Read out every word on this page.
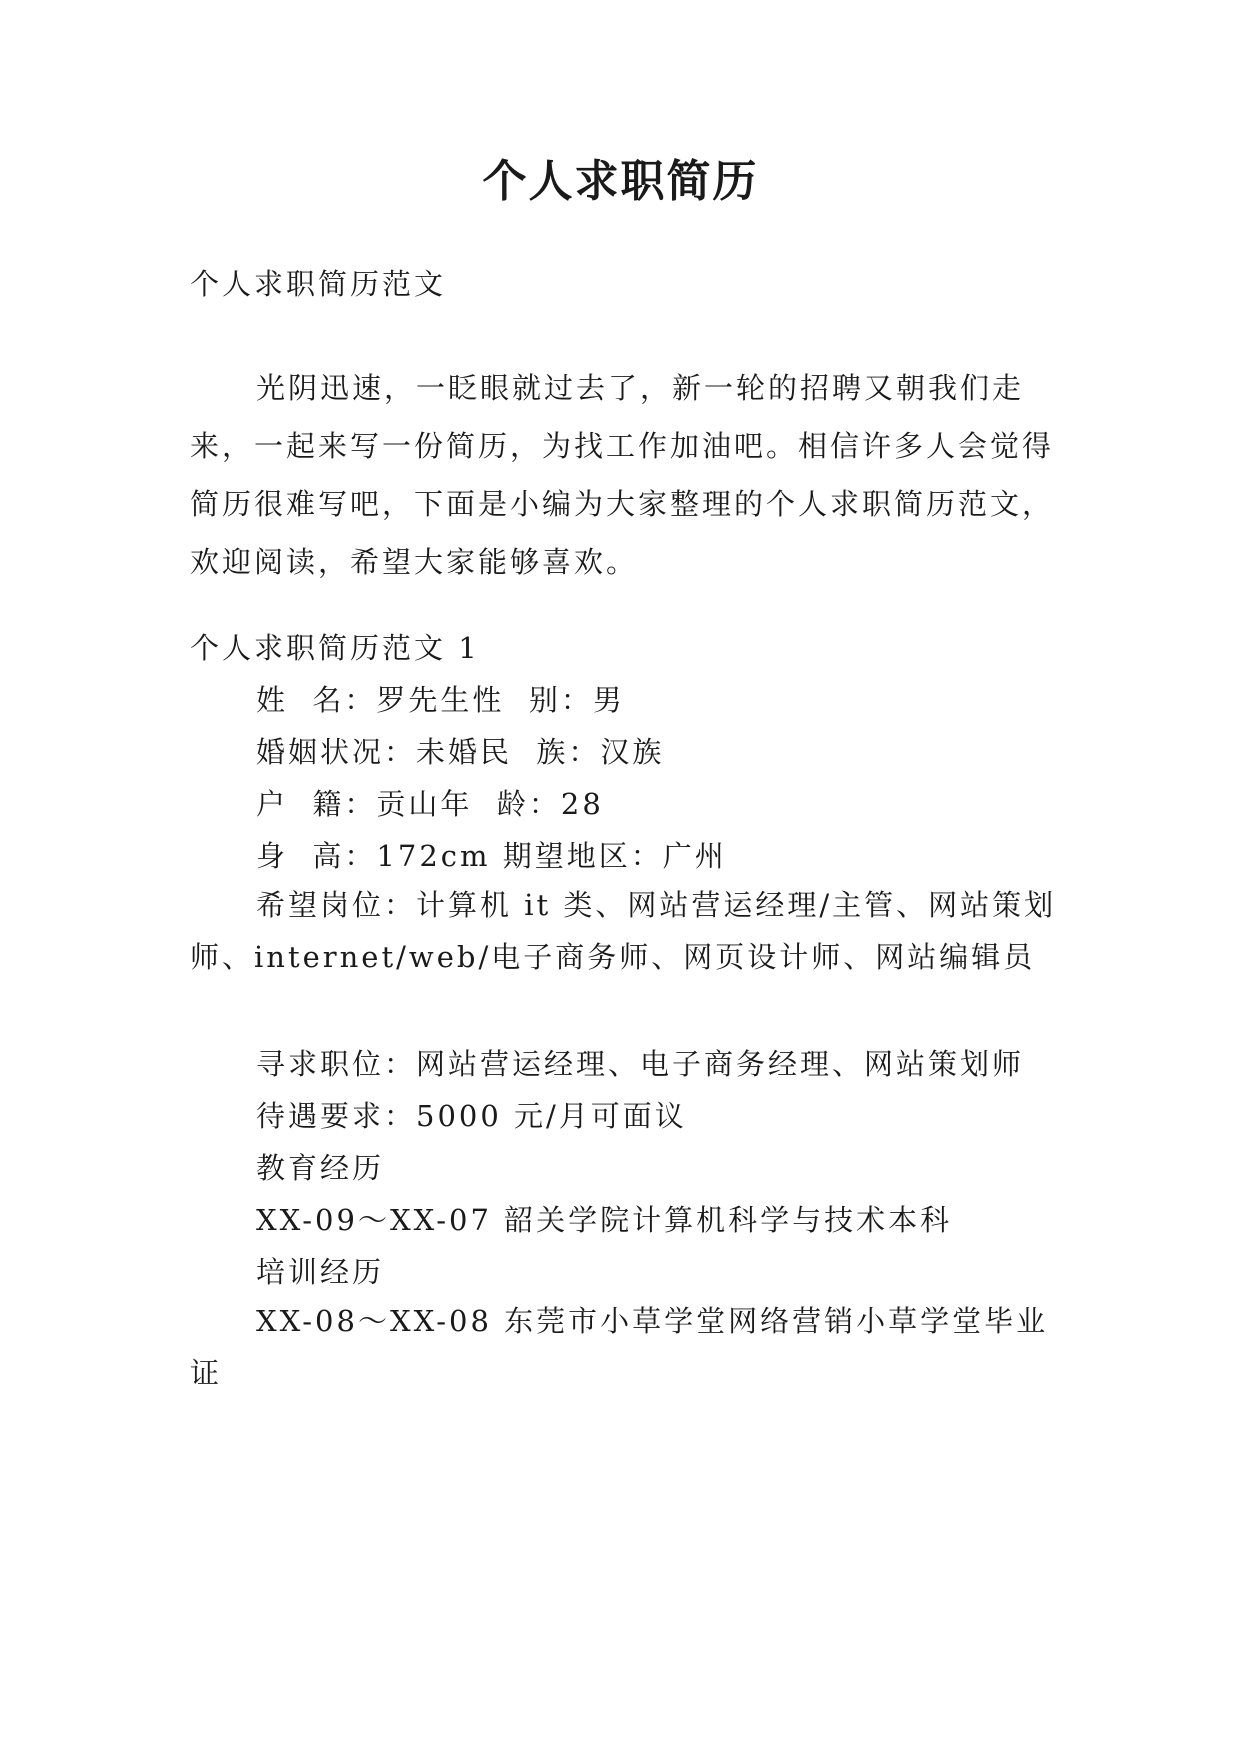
个人求职简历
个人求职简历范文

光阴迅速，一眨眼就过去了，新一轮的招聘又朝我们走来，一起来写一份简历，为找工作加油吧。相信许多人会觉得简历很难写吧，下面是小编为大家整理的个人求职简历范文，欢迎阅读，希望大家能够喜欢。

个人求职简历范文 1
姓  名：罗先生性  别：男
婚姻状况：未婚民  族：汉族
户  籍：贡山年  龄：28
身  高：172cm 期望地区：广州

希望岗位：计算机 it 类、网站营运经理/主管、网站策划师、internet/web/电子商务师、网页设计师、网站编辑员

寻求职位：网站营运经理、电子商务经理、网站策划师
待遇要求：5000 元/月可面议
教育经历
XX-09～XX-07 韶关学院计算机科学与技术本科
培训经历

XX-08～XX-08 东莞市小草学堂网络营销小草学堂毕业证
